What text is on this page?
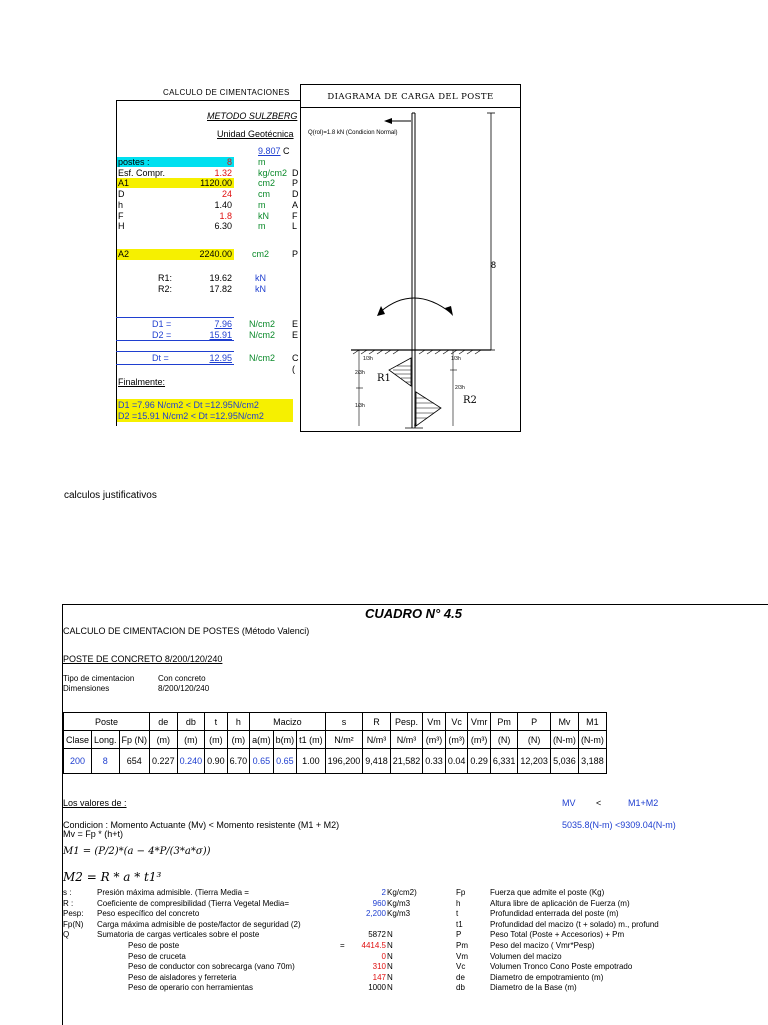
CALCULO DE CIMENTACIONES
METODO SULZBERG
Unidad Geotécnica
9.807 C
postes :	8	m
Esf. Compr.	1.32	kg/cm2 D
A1	1120.00	cm2 P
D	24	cm D
h	1.40	m	A
F	1.8	kN	F
H	6.30	m	L
A2	2240.00 cm2	P
R1:	19.62	kN
R2:	17.82	kN
D1 =	7.96 N/cm2 E
D2 =	15.91 N/cm2 E
Dt =	12.95 N/cm2 C
(
Finalmente:
D1 =7.96 N/cm2 < Dt =12.95N/cm2
D2 =15.91 N/cm2 < Dt =12.95N/cm2
DIAGRAMA DE CARGA DEL POSTE
Q(rol)=1.8 kN (Condicion Normal)
8
R1
R2
2/3h
1/3h
1/3h	1/3h
2/3h
a
calculos justificativos
CUADRO N° 4.5
CALCULO DE CIMENTACION DE POSTES (Método Valenci)
POSTE DE CONCRETO 8/200/120/240
Tipo de cimentacion	Con concreto
Dimensiones	8/200/120/240
Poste			de	db	t	h	Macizo			s	R	Pesp.	Vm	Vc	Vmr	Pm	P	Mv	M1
Clase	Long.	Fp (N)	(m)	(m)	(m)	(m)	a(m)	b(m)	t1 (m)	N/m²	N/m³	N/m³	(m³)	(m³)	(m³)	(N)	(N)	(N-m)	(N-m)
200	8	654	0.227	0.240	0.90	6.70	0.65	0.65	1.00	196,200	9,418	21,582	0.33	0.04	0.29	6,331	12,203	5,036	3,188
Los valores de :	MV <	M1+M2
Condicion : Momento Actuante (Mv) < Momento resistente (M1 + M2)	5035.8(N-m) <9309.04(N-m)
Mv = Fp * (h+t)
M1 = (P/2)*(a − 4*P/(3*a*σ))
M2 = R * a * t1³
s :	Presión máxima admisible. (Tierra Media =	2 Kg/cm2)
R :	Coeficiente de compresibilidad (Tierra Vegetal Media=	960 Kg/m3
Pesp: Peso específico del concreto	2,200 Kg/m3
Fp(N) Carga máxima admisible de poste/factor de seguridad (2)
Q	Sumatoria de cargas verticales sobre el poste	5872 N
Peso de poste	4414.5 N
Peso de cruceta	0 N
Peso de conductor con sobrecarga (vano 70m)	310 N
Peso de aisladores y ferreteria	147 N
Peso de operario con herramientas	1000 N
=
Fp	Fuerza que admite el poste (Kg)
h	Altura libre de aplicación de Fuerza (m)
t	Profundidad enterrada del poste (m)
t1	Profundidad del macizo (t + solado) m., profund
P	Peso Total (Poste + Accesorios) + Pm
Pm	Peso del macizo ( Vmr*Pesp)
Vm	Volumen del macizo
Vc	Volumen Tronco Cono Poste empotrado
de	Diametro de empotramiento (m)
db	Diametro de la Base (m)
